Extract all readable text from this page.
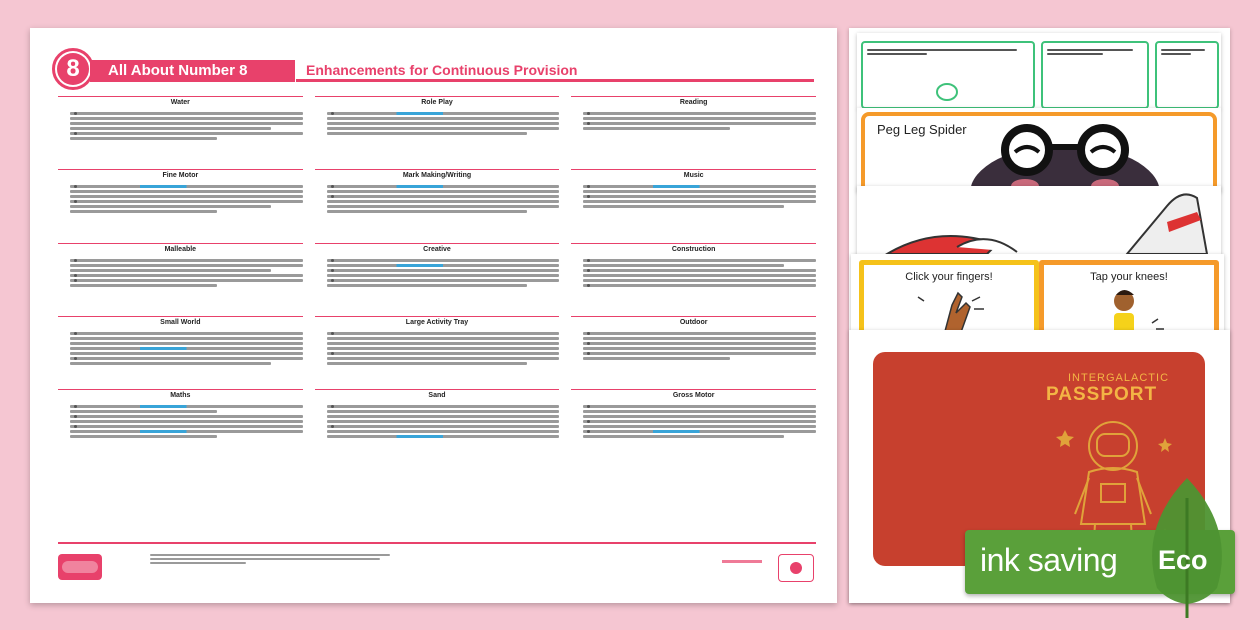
8	All About Number 8	Enhancements for Continuous Provision
Water	Role Play	Reading
Fine Motor	Mark Making/Writing	Music
Malleable	Creative	Construction
Small World	Large Activity Tray	Outdoor
Maths	Sand	Gross Motor
Peg Leg Spider
Click your fingers!	Tap your knees!
INTERGALACTIC
PASSPORT
ink saving Eco
